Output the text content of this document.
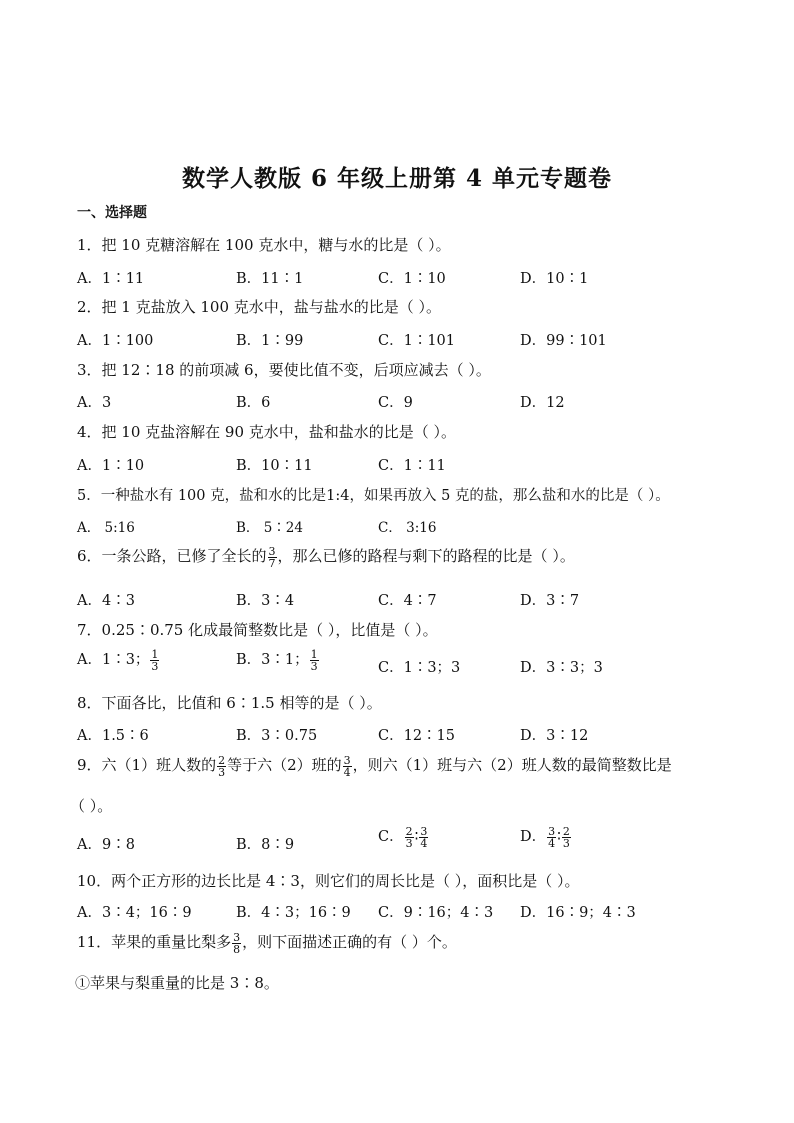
数学人教版 6 年级上册第 4 单元专题卷
一、选择题
1．把 10 克糖溶解在 100 克水中，糖与水的比是（ ）。
A．1∶11	B．11∶1	C．1∶10	D．10∶1
2．把 1 克盐放入 100 克水中，盐与盐水的比是（ ）。
A．1∶100	B．1∶99	C．1∶101	D．99∶101
3．把 12∶18 的前项减 6，要使比值不变，后项应减去（ ）。
A．3	B．6	C．9	D．12
4．把 10 克盐溶解在 90 克水中，盐和盐水的比是（ ）。
A．1∶10	B．10∶11	C．1∶11
5．一种盐水有 100 克，盐和水的比是1:4，如果再放入 5 克的盐，那么盐和水的比是（ ）。
A． 5:16	B． 5∶24	C． 3:16
6．一条公路，已修了全长的 $\frac{3}{7}$ ，那么已修的路程与剩下的路程的比是（ ）。
A．4∶3	B．3∶4	C．4∶7	D．3∶7
7．0.25∶0.75 化成最简整数比是（ ），比值是（ ）。
A．1∶3； $\frac{1}{3}$	B．3∶1； $\frac{1}{3}$	C．1∶3；3	D．3∶3；3
8．下面各比，比值和 6∶1.5 相等的是（ ）。
A．1.5∶6	B．3∶0.75	C．12∶15	D．3∶12
9．六（1）班人数的 $\frac{2}{3}$ 等于六（2）班的 $\frac{3}{4}$ ，则六（1）班与六（2）班人数的最简整数比是
（ ）。
A．9∶8	B．8∶9	C． $\frac{2}{3}$ ∶ $\frac{3}{4}$	D． $\frac{3}{4}$ ∶ $\frac{2}{3}$
10．两个正方形的边长比是 4∶3，则它们的周长比是（ ），面积比是（ ）。
A．3∶4；16∶9	B．4∶3；16∶9 C．9∶16；4∶3 D．16∶9；4∶3
11．苹果的重量比梨多 $\frac{3}{8}$ ，则下面描述正确的有（ ）个。
①苹果与梨重量的比是 3∶8。
